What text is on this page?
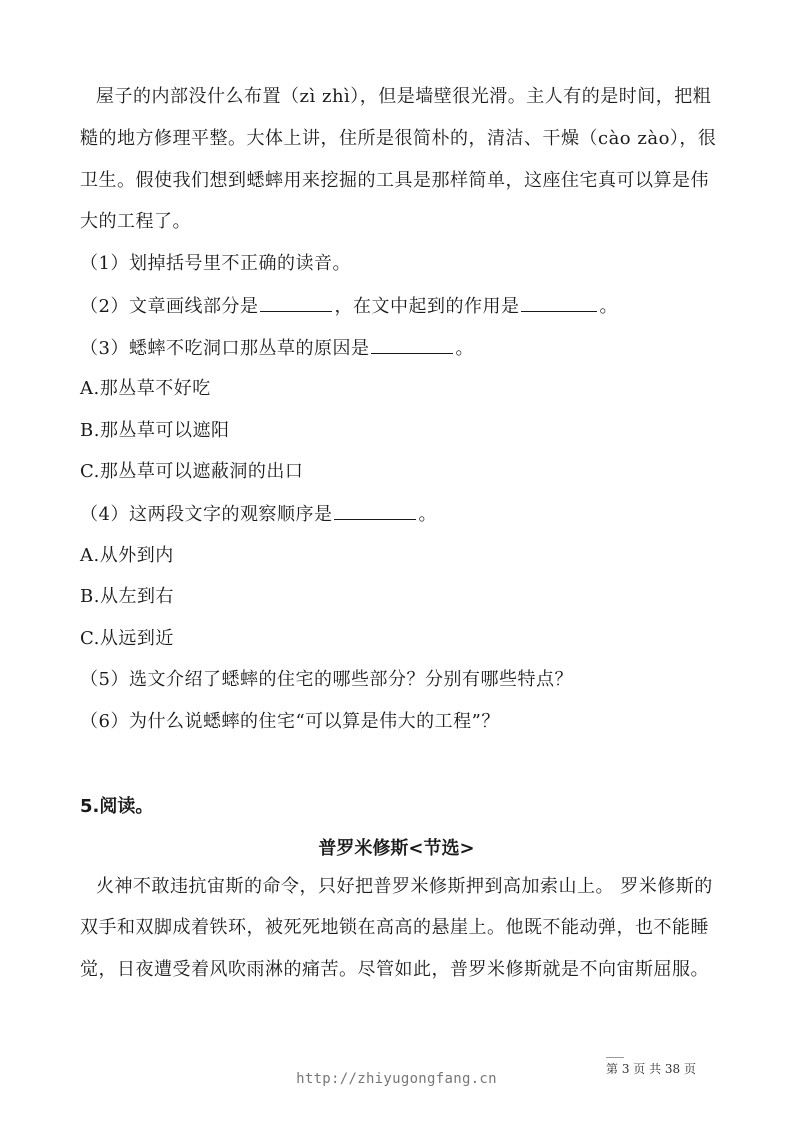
屋子的内部没什么布置（zì zhì），但是墙壁很光滑。主人有的是时间，把粗
糙的地方修理平整。大体上讲，住所是很简朴的，清洁、干燥（cào zào），很
卫生。假使我们想到蟋蟀用来挖掘的工具是那样简单，这座住宅真可以算是伟
大的工程了。
（1）划掉括号里不正确的读音。
（2）文章画线部分是	，在文中起到的作用是	。
（3）蟋蟀不吃洞口那丛草的原因是	。
A.那丛草不好吃
B.那丛草可以遮阳
C.那丛草可以遮蔽洞的出口
（4）这两段文字的观察顺序是	。
A.从外到内
B.从左到右
C.从远到近
（5）选文介绍了蟋蟀的住宅的哪些部分？分别有哪些特点？
（6）为什么说蟋蟀的住宅“可以算是伟大的工程”？
5.阅读。
普罗米修斯<节选>
火神不敢违抗宙斯的命令，只好把普罗米修斯押到高加索山上。 罗米修斯的
双手和双脚成着铁环，被死死地锁在高高的悬崖上。他既不能动弹，也不能睡
觉，日夜遭受着风吹雨淋的痛苦。尽管如此，普罗米修斯就是不向宙斯屈服。
第 3 页 共 38 页
http://zhiyugongfang.cn
